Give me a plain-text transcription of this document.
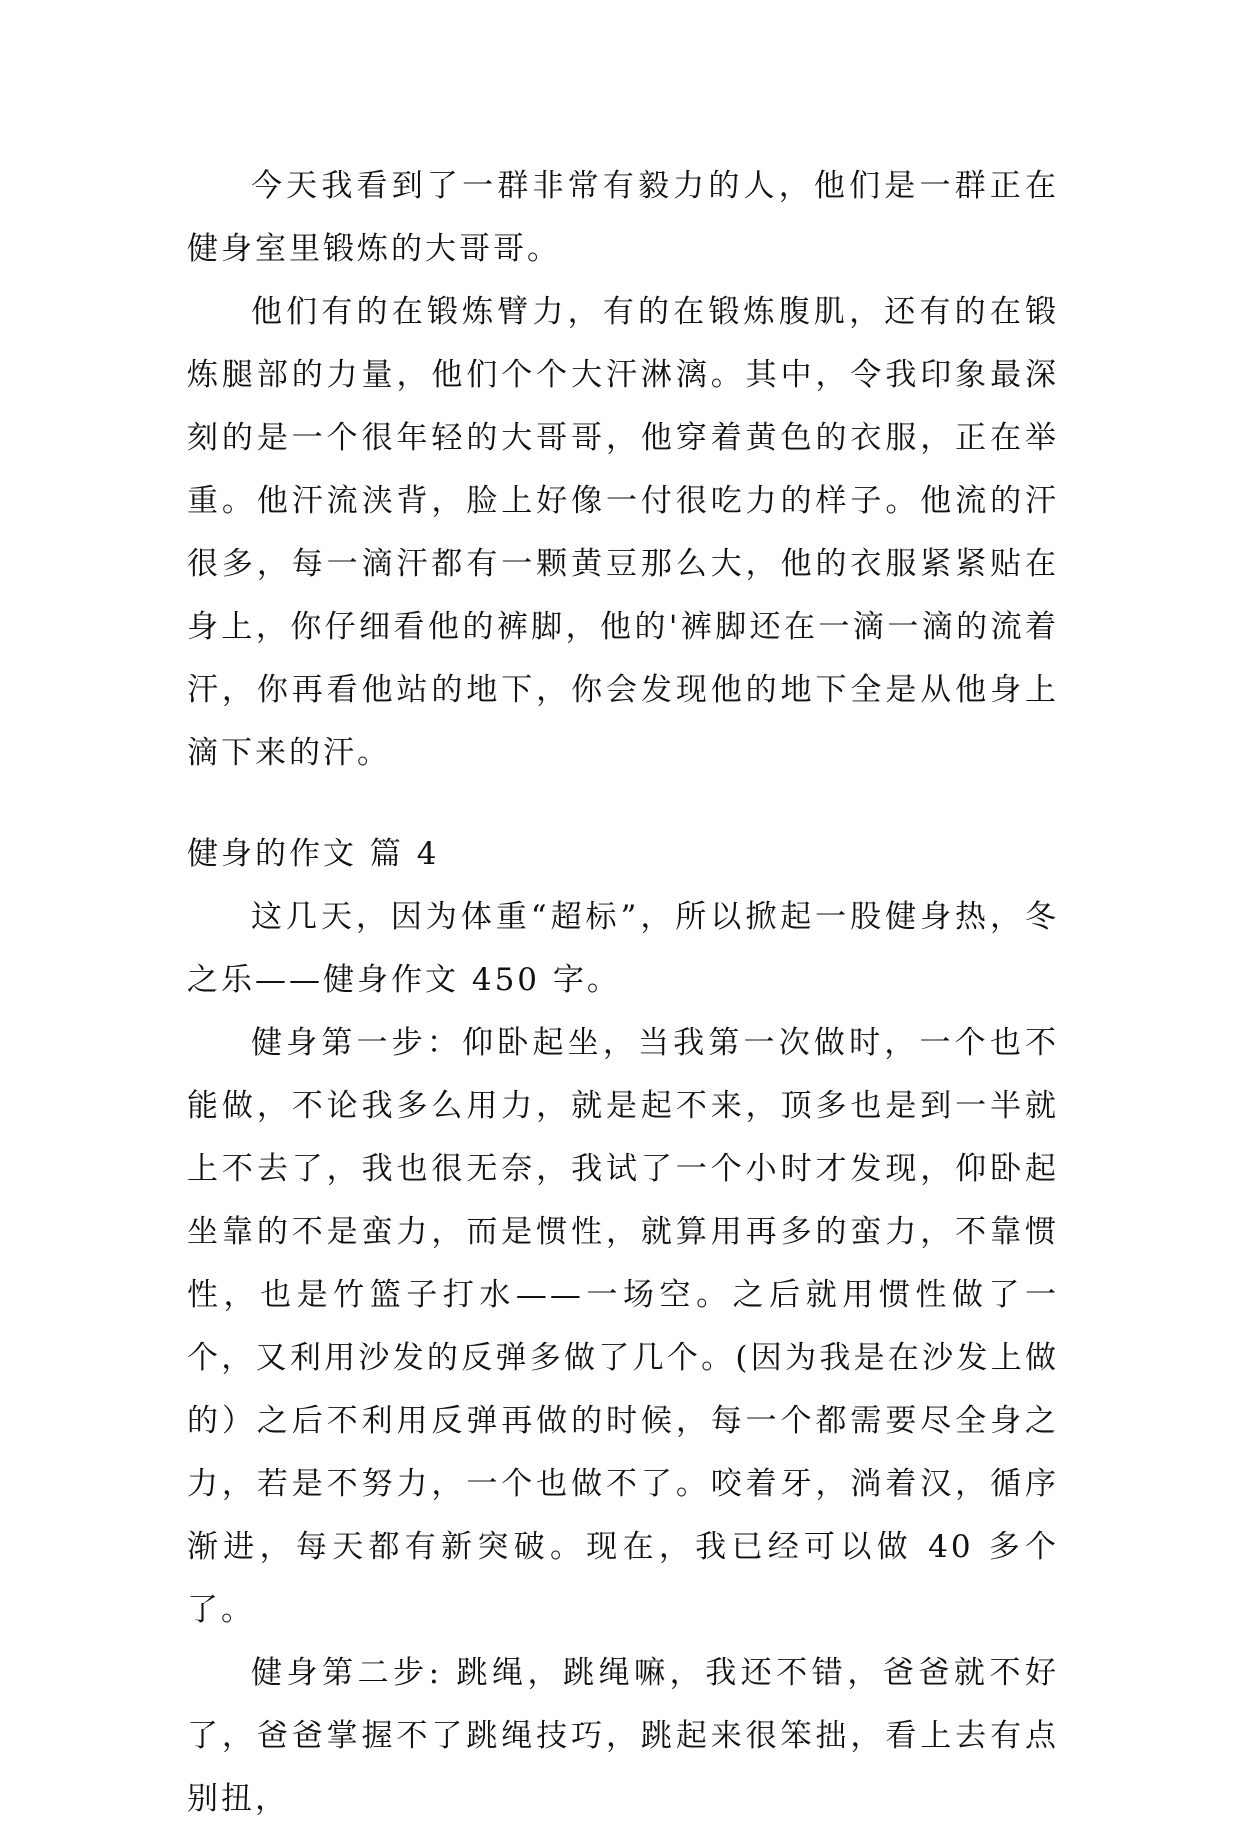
今天我看到了一群非常有毅力的人，他们是一群正在健身室里锻炼的大哥哥。

他们有的在锻炼臂力，有的在锻炼腹肌，还有的在锻炼腿部的力量，他们个个大汗淋漓。其中，令我印象最深刻的是一个很年轻的大哥哥，他穿着黄色的衣服，正在举重。他汗流浃背，脸上好像一付很吃力的样子。他流的汗很多，每一滴汗都有一颗黄豆那么大，他的衣服紧紧贴在身上，你仔细看他的裤脚，他的'裤脚还在一滴一滴的流着汗，你再看他站的地下，你会发现他的地下全是从他身上滴下来的汗。

健身的作文 篇 4

这几天，因为体重“超标”，所以掀起一股健身热，冬之乐——健身作文 450 字。

健身第一步：仰卧起坐，当我第一次做时，一个也不能做，不论我多么用力，就是起不来，顶多也是到一半就上不去了，我也很无奈，我试了一个小时才发现，仰卧起坐靠的不是蛮力，而是惯性，就算用再多的蛮力，不靠惯性，也是竹篮子打水——一场空。之后就用惯性做了一个，又利用沙发的反弹多做了几个。(因为我是在沙发上做的）之后不利用反弹再做的时候，每一个都需要尽全身之力，若是不努力，一个也做不了。咬着牙，淌着汉，循序渐进，每天都有新突破。现在，我已经可以做 40 多个了。

健身第二步: 跳绳，跳绳嘛，我还不错，爸爸就不好了，爸爸掌握不了跳绳技巧，跳起来很笨拙，看上去有点别扭，
